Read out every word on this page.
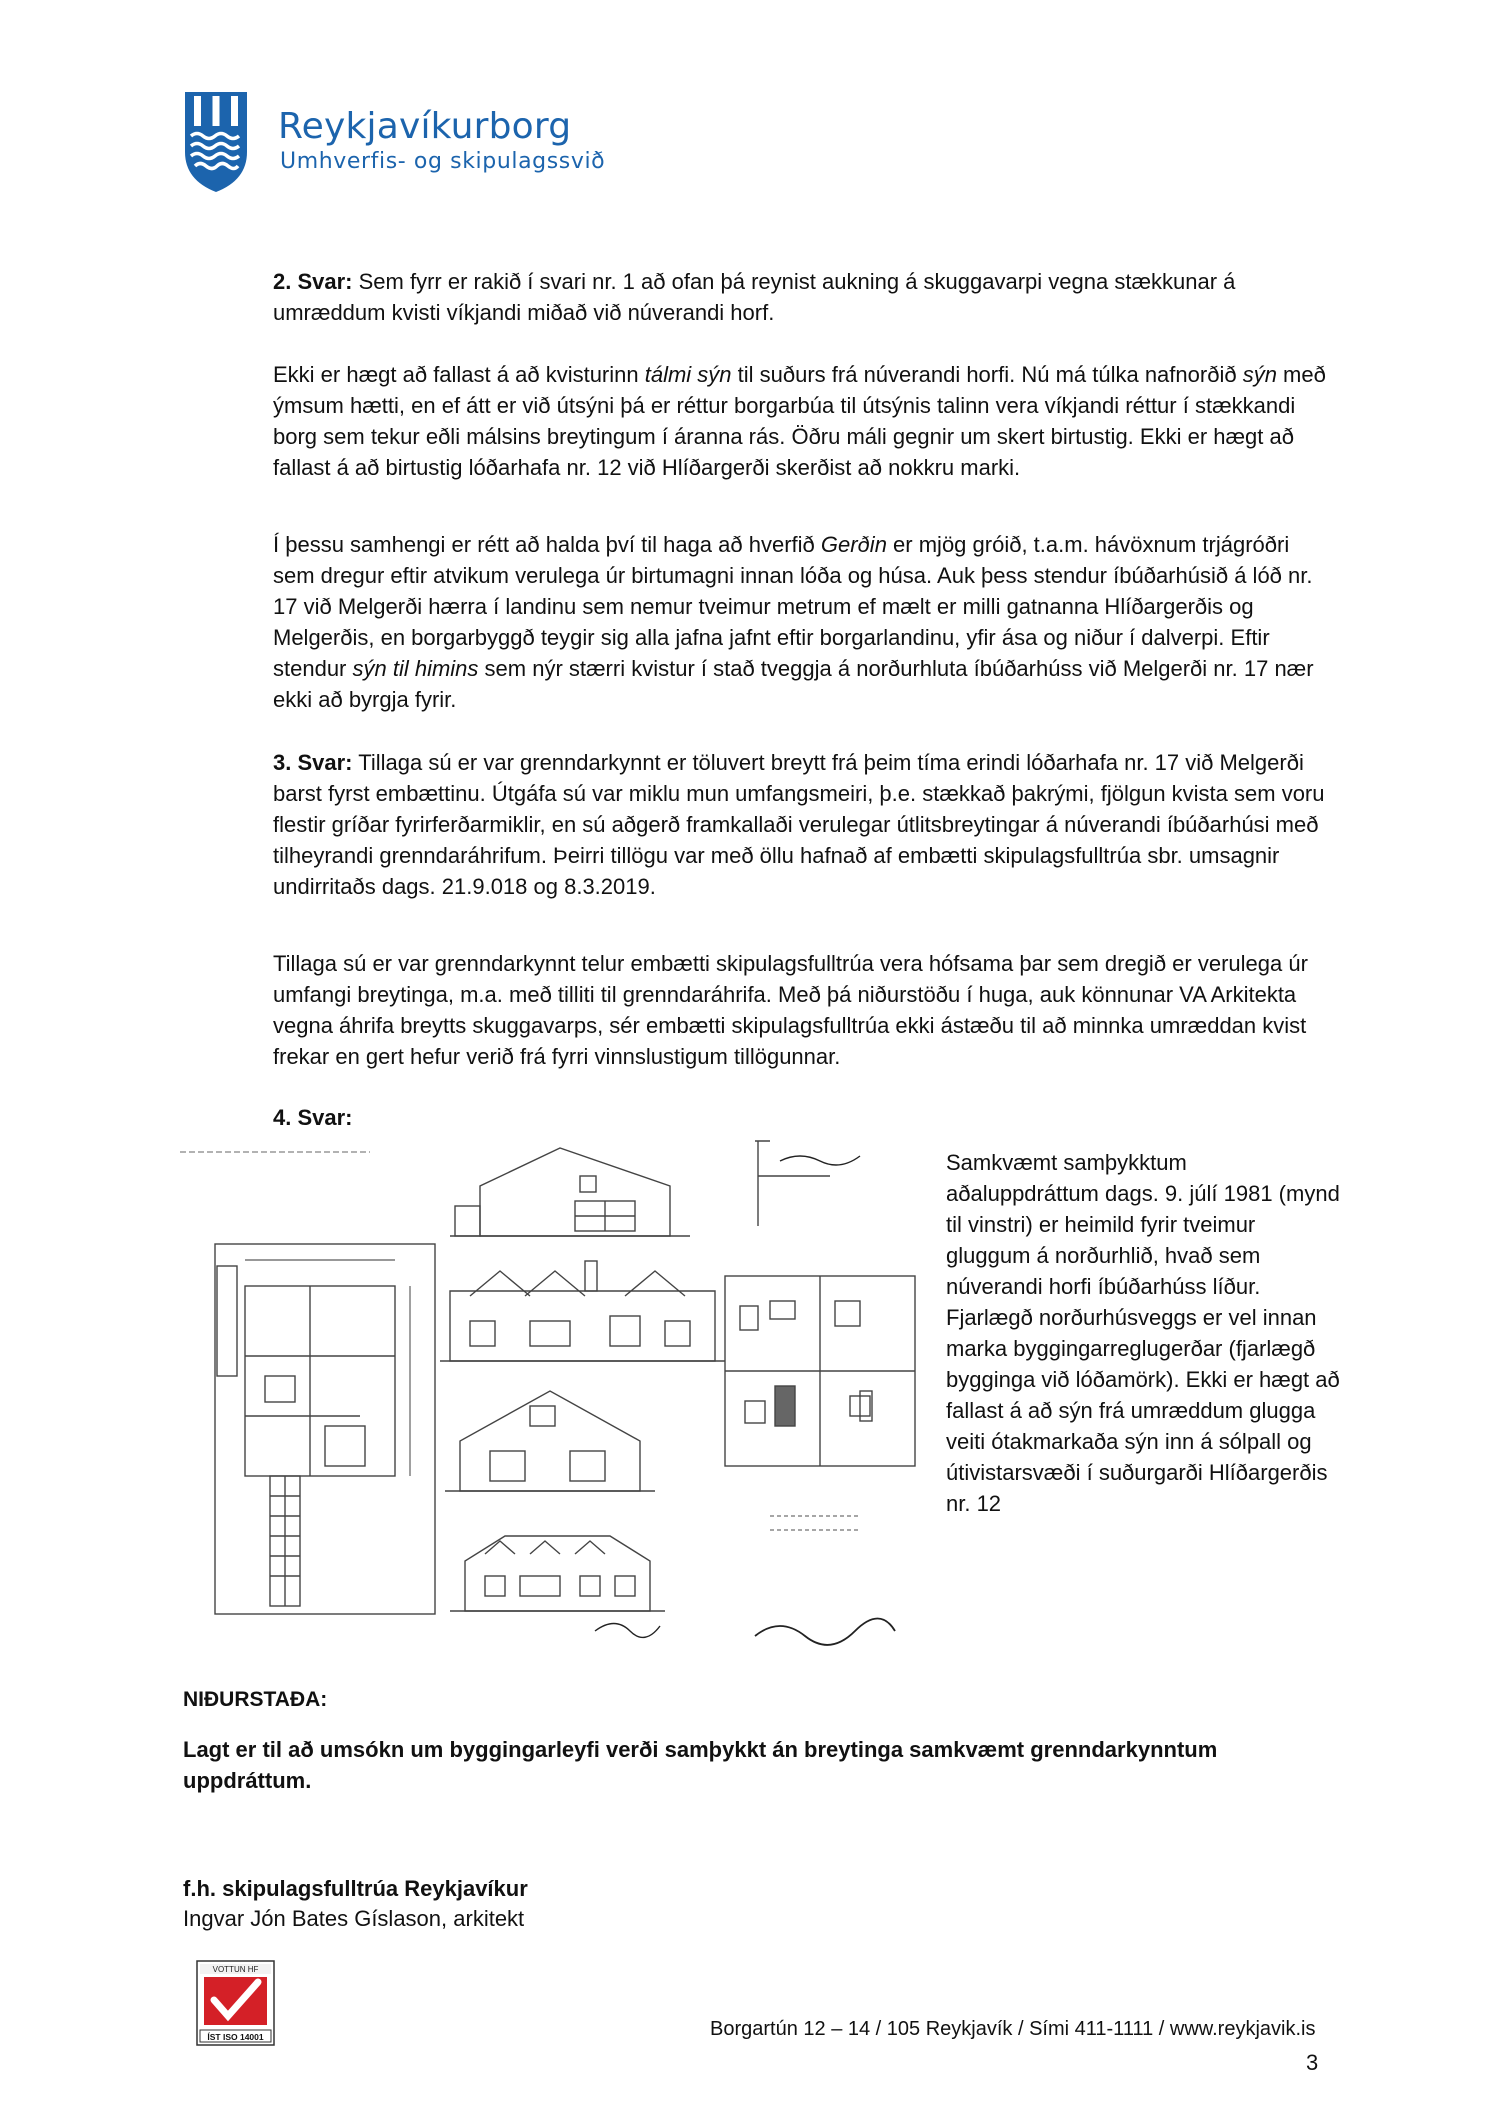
Reykjavíkurborg
Umhverfis- og skipulagssvið
2. Svar: Sem fyrr er rakið í svari nr. 1 að ofan þá reynist aukning á skuggavarpi vegna stækkunar á umræddum kvisti víkjandi miðað við núverandi horf.
Ekki er hægt að fallast á að kvisturinn tálmi sýn til suðurs frá núverandi horfi. Nú má túlka nafnorðið sýn með ýmsum hætti, en ef átt er við útsýni þá er réttur borgarbúa til útsýnis talinn vera víkjandi réttur í stækkandi borg sem tekur eðli málsins breytingum í áranna rás. Öðru máli gegnir um skert birtustig. Ekki er hægt að fallast á að birtustig lóðarhafa nr. 12 við Hlíðargerði skerðist að nokkru marki.
Í þessu samhengi er rétt að halda því til haga að hverfið Gerðin er mjög gróið, t.a.m. hávöxnum trjágróðri sem dregur eftir atvikum verulega úr birtumagni innan lóða og húsa. Auk þess stendur íbúðarhúsið á lóð nr. 17 við Melgerði hærra í landinu sem nemur tveimur metrum ef mælt er milli gatnanna Hlíðargerðis og Melgerðis, en borgarbyggð teygir sig alla jafna jafnt eftir borgarlandinu, yfir ása og niður í dalverpi. Eftir stendur sýn til himins sem nýr stærri kvistur í stað tveggja á norðurhluta íbúðarhúss við Melgerði nr. 17 nær ekki að byrgja fyrir.
3. Svar: Tillaga sú er var grenndarkynnt er töluvert breytt frá þeim tíma erindi lóðarhafa nr. 17 við Melgerði barst fyrst embættinu. Útgáfa sú var miklu mun umfangsmeiri, þ.e. stækkað þakrými, fjölgun kvista sem voru flestir gríðar fyrirferðarmiklir, en sú aðgerð framkallaði verulegar útlitsbreytingar á núverandi íbúðarhúsi með tilheyrandi grenndaráhrifum. Þeirri tillögu var með öllu hafnað af embætti skipulagsfulltrúa sbr. umsagnir undirritaðs dags. 21.9.018 og 8.3.2019.
Tillaga sú er var grenndarkynnt telur embætti skipulagsfulltrúa vera hófsama þar sem dregið er verulega úr umfangi breytinga, m.a. með tilliti til grenndaráhrifa. Með þá niðurstöðu í huga, auk könnunar VA Arkitekta vegna áhrifa breytts skuggavarps, sér embætti skipulagsfulltrúa ekki ástæðu til að minnka umræddan kvist frekar en gert hefur verið frá fyrri vinnslustigum tillögunnar.
4. Svar:
Samkvæmt samþykktum aðaluppdráttum dags. 9. júlí 1981 (mynd til vinstri) er heimild fyrir tveimur gluggum á norðurhlið, hvað sem núverandi horfi íbúðarhúss líður. Fjarlægð norðurhúsveggs er vel innan marka byggingarreglugerðar (fjarlægð bygginga við lóðamörk). Ekki er hægt að fallast á að sýn frá umræddum glugga veiti ótakmarkaða sýn inn á sólpall og útivistarsvæði í suðurgarði Hlíðargerðis nr. 12
NIÐURSTAÐA:
Lagt er til að umsókn um byggingarleyfi verði samþykkt án breytinga samkvæmt grenndarkynntum uppdráttum.
f.h. skipulagsfulltrúa Reykjavíkur
Ingvar Jón Bates Gíslason, arkitekt
VOTTUN HF
ÍST ISO 14001	Borgartún 12 – 14 / 105 Reykjavík / Sími 411-1111 / www.reykjavik.is
3
